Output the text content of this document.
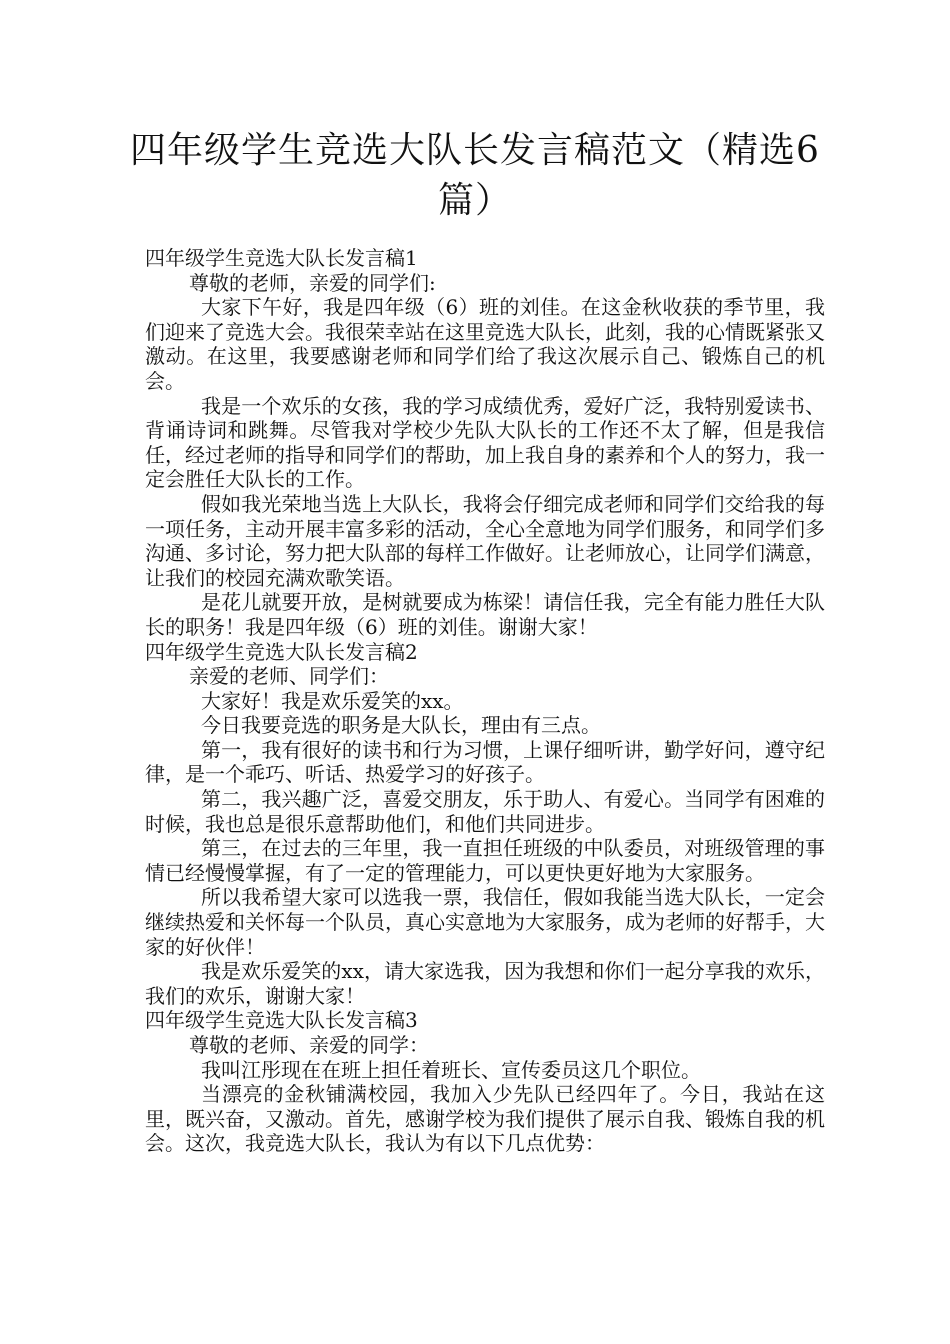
四年级学生竞选大队长发言稿范文（精选6篇）

四年级学生竞选大队长发言稿1

尊敬的老师，亲爱的同学们:

大家下午好，我是四年级（6）班的刘佳。在这金秋收获的季节里，我们迎来了竞选大会。我很荣幸站在这里竞选大队长，此刻，我的心情既紧张又激动。在这里，我要感谢老师和同学们给了我这次展示自己、锻炼自己的机会。

我是一个欢乐的女孩，我的学习成绩优秀，爱好广泛，我特别爱读书、背诵诗词和跳舞。尽管我对学校少先队大队长的工作还不太了解，但是我信任，经过老师的指导和同学们的帮助，加上我自身的素养和个人的努力，我一定会胜任大队长的工作。

假如我光荣地当选上大队长，我将会仔细完成老师和同学们交给我的每一项任务，主动开展丰富多彩的活动，全心全意地为同学们服务，和同学们多沟通、多讨论，努力把大队部的每样工作做好。让老师放心，让同学们满意，让我们的校园充满欢歌笑语。

是花儿就要开放，是树就要成为栋梁！请信任我，完全有能力胜任大队长的职务！我是四年级（6）班的刘佳。谢谢大家！

四年级学生竞选大队长发言稿2

亲爱的老师、同学们：

大家好！我是欢乐爱笑的xx。

今日我要竞选的职务是大队长，理由有三点。

第一，我有很好的读书和行为习惯，上课仔细听讲，勤学好问，遵守纪律，是一个乖巧、听话、热爱学习的好孩子。

第二，我兴趣广泛，喜爱交朋友，乐于助人、有爱心。当同学有困难的时候，我也总是很乐意帮助他们，和他们共同进步。

第三，在过去的三年里，我一直担任班级的中队委员，对班级管理的事情已经慢慢掌握，有了一定的管理能力，可以更快更好地为大家服务。

所以我希望大家可以选我一票，我信任，假如我能当选大队长，一定会继续热爱和关怀每一个队员，真心实意地为大家服务，成为老师的好帮手，大家的好伙伴！

我是欢乐爱笑的xx，请大家选我，因为我想和你们一起分享我的欢乐，我们的欢乐，谢谢大家！

四年级学生竞选大队长发言稿3

尊敬的老师、亲爱的同学：

我叫江彤现在在班上担任着班长、宣传委员这几个职位。

当漂亮的金秋铺满校园，我加入少先队已经四年了。今日，我站在这里，既兴奋，又激动。首先，感谢学校为我们提供了展示自我、锻炼自我的机会。这次，我竞选大队长，我认为有以下几点优势：
